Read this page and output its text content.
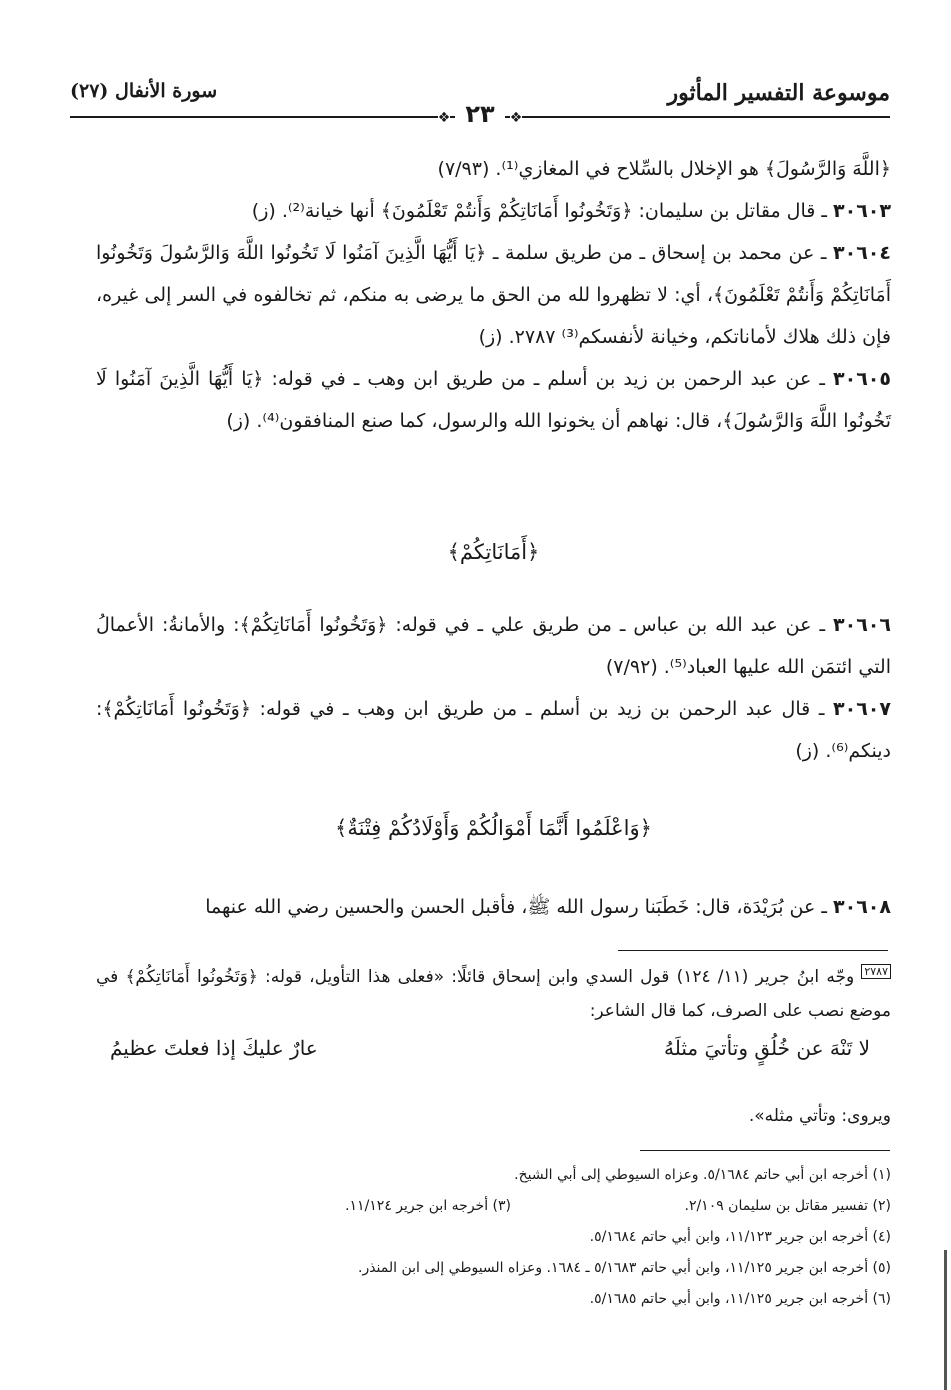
موسوعة التفسير المأثور
سورة الأنفال (٢٧)
❖ ٢٣ ❖

﴿اللَّهَ وَالرَّسُولَ﴾ هو الإخلال بالسِّلاح في المغازي⁽¹⁾. (٧/٩٣)

٣٠٦٠٣ ـ قال مقاتل بن سليمان: ﴿وَتَخُونُوا أَمَانَاتِكُمْ وَأَنتُمْ تَعْلَمُونَ﴾ أنها خيانة⁽²⁾. (ز)

٣٠٦٠٤ ـ عن محمد بن إسحاق ـ من طريق سلمة ـ ﴿يَا أَيُّهَا الَّذِينَ آمَنُوا لَا تَخُونُوا اللَّهَ وَالرَّسُولَ وَتَخُونُوا أَمَانَاتِكُمْ وَأَنتُمْ تَعْلَمُونَ﴾، أي: لا تظهروا لله من الحق ما يرضى به منكم، ثم تخالفوه في السر إلى غيره، فإن ذلك هلاك لأماناتكم، وخيانة لأنفسكم⁽³⁾ ٢٧٨٧. (ز)

٣٠٦٠٥ ـ عن عبد الرحمن بن زيد بن أسلم ـ من طريق ابن وهب ـ في قوله: ﴿يَا أَيُّهَا الَّذِينَ آمَنُوا لَا تَخُونُوا اللَّهَ وَالرَّسُولَ﴾، قال: نهاهم أن يخونوا الله والرسول، كما صنع المنافقون⁽⁴⁾. (ز)

﴿أَمَانَاتِكُمْ﴾

٣٠٦٠٦ ـ عن عبد الله بن عباس ـ من طريق علي ـ في قوله: ﴿وَتَخُونُوا أَمَانَاتِكُمْ﴾: والأمانةُ: الأعمالُ التي ائتمَن الله عليها العباد⁽⁵⁾. (٧/٩٢)

٣٠٦٠٧ ـ قال عبد الرحمن بن زيد بن أسلم ـ من طريق ابن وهب ـ في قوله: ﴿وَتَخُونُوا أَمَانَاتِكُمْ﴾: دينكم⁽⁶⁾. (ز)

﴿وَاعْلَمُوا أَنَّمَا أَمْوَالُكُمْ وَأَوْلَادُكُمْ فِتْنَةٌ﴾

٣٠٦٠٨ ـ عن بُرَيْدَة، قال: خَطَبَنا رسول الله ﷺ، فأقبل الحسن والحسين رضي الله عنهما

٢٧٨٧ وجّه ابنُ جرير (١١/ ١٢٤) قول السدي وابن إسحاق قائلًا: «فعلى هذا التأويل، قوله: ﴿وَتَخُونُوا أَمَانَاتِكُمْ﴾ في موضع نصب على الصرف، كما قال الشاعر:
لا تَنْهَ عن خُلُقٍ وتأتيَ مثلَهُ
عارٌ عليكَ إذا فعلتَ عظيمُ
ويروى: وتأتي مثله».
(١) أخرجه ابن أبي حاتم ٥/١٦٨٤. وعزاه السيوطي إلى أبي الشيخ.
(٢) تفسير مقاتل بن سليمان ٢/١٠٩.
(٣) أخرجه ابن جرير ١١/١٢٤.
(٤) أخرجه ابن جرير ١١/١٢٣، وابن أبي حاتم ٥/١٦٨٤.
(٥) أخرجه ابن جرير ١١/١٢٥، وابن أبي حاتم ٥/١٦٨٣ ـ ١٦٨٤. وعزاه السيوطي إلى ابن المنذر.
(٦) أخرجه ابن جرير ١١/١٢٥، وابن أبي حاتم ٥/١٦٨٥.
